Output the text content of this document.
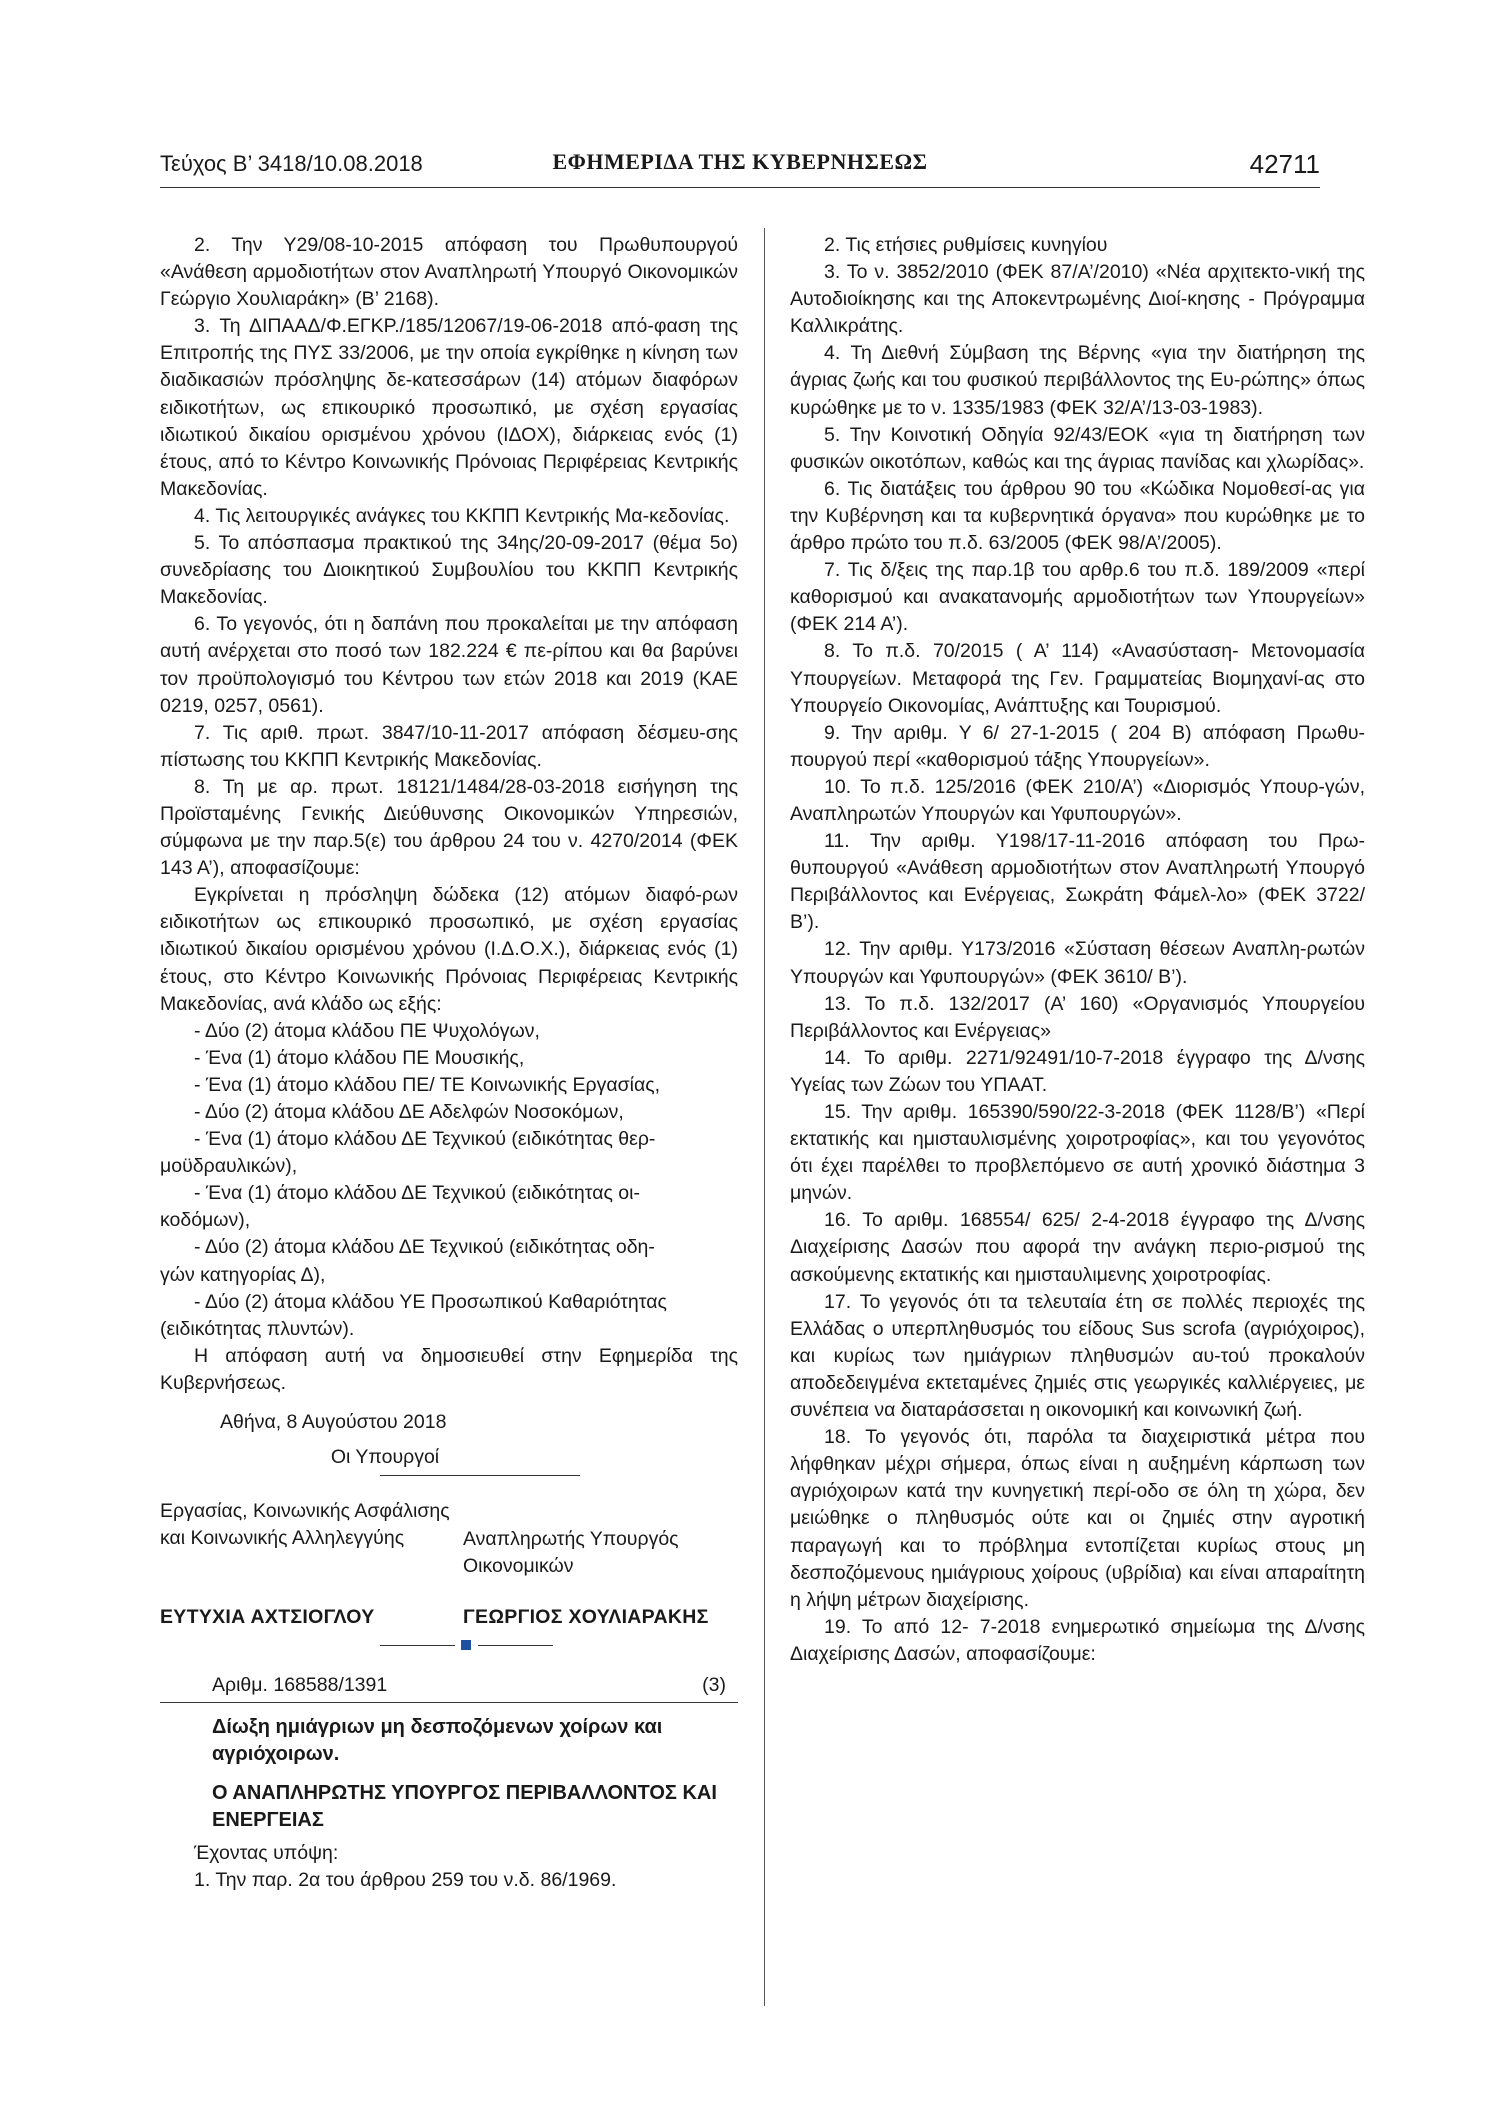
Τεύχος B’ 3418/10.08.2018	ΕΦΗΜΕΡΙΔΑ ΤΗΣ ΚΥΒΕΡΝΗΣΕΩΣ	42711
2. Την Υ29/08-10-2015 απόφαση του Πρωθυπουργού «Ανάθεση αρμοδιοτήτων στον Αναπληρωτή Υπουργό Οικονομικών Γεώργιο Χουλιαράκη» (Β’ 2168).
3. Τη ΔΙΠΑΑΔ/Φ.ΕΓΚΡ./185/12067/19-06-2018 από-φαση της Επιτροπής της ΠΥΣ 33/2006, με την οποία εγκρίθηκε η κίνηση των διαδικασιών πρόσληψης δε-κατεσσάρων (14) ατόμων διαφόρων ειδικοτήτων, ως επικουρικό προσωπικό, με σχέση εργασίας ιδιωτικού δικαίου ορισμένου χρόνου (ΙΔΟΧ), διάρκειας ενός (1) έτους, από το Κέντρο Κοινωνικής Πρόνοιας Περιφέρειας Κεντρικής Μακεδονίας.
4. Τις λειτουργικές ανάγκες του ΚΚΠΠ Κεντρικής Μα-κεδονίας.
5. Το απόσπασμα πρακτικού της 34ης/20-09-2017 (θέμα 5ο) συνεδρίασης του Διοικητικού Συμβουλίου του ΚΚΠΠ Κεντρικής Μακεδονίας.
6. Το γεγονός, ότι η δαπάνη που προκαλείται με την απόφαση αυτή ανέρχεται στο ποσό των 182.224 € πε-ρίπου και θα βαρύνει τον προϋπολογισμό του Κέντρου των ετών 2018 και 2019 (ΚΑΕ 0219, 0257, 0561).
7. Τις αριθ. πρωτ. 3847/10-11-2017 απόφαση δέσμευ-σης πίστωσης του ΚΚΠΠ Κεντρικής Μακεδονίας.
8. Τη με αρ. πρωτ. 18121/1484/28-03-2018 εισήγηση της Προϊσταμένης Γενικής Διεύθυνσης Οικονομικών Υπηρεσιών, σύμφωνα με την παρ.5(ε) του άρθρου 24 του ν. 4270/2014 (ΦΕΚ 143 Α’), αποφασίζουμε:
Εγκρίνεται η πρόσληψη δώδεκα (12) ατόμων διαφό-ρων ειδικοτήτων ως επικουρικό προσωπικό, με σχέση εργασίας ιδιωτικού δικαίου ορισμένου χρόνου (Ι.Δ.Ο.Χ.), διάρκειας ενός (1) έτους, στο Κέντρο Κοινωνικής Πρόνοιας Περιφέρειας Κεντρικής Μακεδονίας, ανά κλάδο ως εξής:
- Δύο (2) άτομα κλάδου ΠΕ Ψυχολόγων,
- Ένα (1) άτομο κλάδου ΠΕ Μουσικής,
- Ένα (1) άτομο κλάδου ΠΕ/ ΤΕ Κοινωνικής Εργασίας,
- Δύο (2) άτομα κλάδου ΔΕ Αδελφών Νοσοκόμων,
- Ένα (1) άτομο κλάδου ΔΕ Τεχνικού (ειδικότητας θερ-
μοϋδραυλικών),
- Ένα (1) άτομο κλάδου ΔΕ Τεχνικού (ειδικότητας οι-
κοδόμων),
- Δύο (2) άτομα κλάδου ΔΕ Τεχνικού (ειδικότητας οδη-
γών κατηγορίας Δ),
- Δύο (2) άτομα κλάδου ΥΕ Προσωπικού Καθαριότητας
(ειδικότητας πλυντών).
Η απόφαση αυτή να δημοσιευθεί στην Εφημερίδα της Κυβερνήσεως.
Αθήνα, 8 Αυγούστου 2018
Οι Υπουργοί
Εργασίας, Κοινωνικής Ασφάλισης και Κοινωνικής Αλληλεγγύης	Αναπληρωτής Υπουργός Οικονομικών
ΕΥΤΥΧΙΑ ΑΧΤΣΙΟΓΛΟΥ	ΓΕΩΡΓΙΟΣ ΧΟΥΛΙΑΡΑΚΗΣ
Αριθμ. 168588/1391	(3)
Δίωξη ημιάγριων μη δεσποζόμενων χοίρων και αγριόχοιρων.
Ο ΑΝΑΠΛΗΡΩΤΗΣ ΥΠΟΥΡΓΟΣ ΠΕΡΙΒΑΛΛΟΝΤΟΣ ΚΑΙ ΕΝΕΡΓΕΙΑΣ
Έχοντας υπόψη:
1. Την παρ. 2α του άρθρου 259 του ν.δ. 86/1969.
2. Τις ετήσιες ρυθμίσεις κυνηγίου
3. Το ν. 3852/2010 (ΦΕΚ 87/Α’/2010) «Νέα αρχιτεκτο-νική της Αυτοδιοίκησης και της Αποκεντρωμένης Διοί-κησης - Πρόγραμμα Καλλικράτης.
4. Τη Διεθνή Σύμβαση της Βέρνης «για την διατήρηση της άγριας ζωής και του φυσικού περιβάλλοντος της Ευ-ρώπης» όπως κυρώθηκε με το ν. 1335/1983 (ΦΕΚ 32/Α’/13-03-1983).
5. Την Κοινοτική Οδηγία 92/43/ΕΟΚ «για τη διατήρηση των φυσικών οικοτόπων, καθώς και της άγριας πανίδας και χλωρίδας».
6. Τις διατάξεις του άρθρου 90 του «Κώδικα Νομοθεσί-ας για την Κυβέρνηση και τα κυβερνητικά όργανα» που κυρώθηκε με το άρθρο πρώτο του π.δ. 63/2005 (ΦΕΚ 98/Α’/2005).
7. Τις δ/ξεις της παρ.1β του αρθρ.6 του π.δ. 189/2009 «περί καθορισμού και ανακατανομής αρμοδιοτήτων των Υπουργείων» (ΦΕΚ 214 Α’).
8. Το π.δ. 70/2015 ( Α’ 114) «Ανασύσταση- Μετονομασία Υπουργείων. Μεταφορά της Γεν. Γραμματείας Βιομηχανί-ας στο Υπουργείο Οικονομίας, Ανάπτυξης και Τουρισμού.
9. Την αριθμ. Υ 6/ 27-1-2015 ( 204 Β) απόφαση Πρωθυ-πουργού περί «καθορισμού τάξης Υπουργείων».
10. Το π.δ. 125/2016 (ΦΕΚ 210/Α’) «Διορισμός Υπουρ-γών, Αναπληρωτών Υπουργών και Υφυπουργών».
11. Την αριθμ. Υ198/17-11-2016 απόφαση του Πρω-θυπουργού «Ανάθεση αρμοδιοτήτων στον Αναπληρωτή Υπουργό Περιβάλλοντος και Ενέργειας, Σωκράτη Φάμελ-λο» (ΦΕΚ 3722/Β’).
12. Την αριθμ. Υ173/2016 «Σύσταση θέσεων Αναπλη-ρωτών Υπουργών και Υφυπουργών» (ΦΕΚ 3610/ Β’).
13. Το π.δ. 132/2017 (Α’ 160) «Οργανισμός Υπουργείου Περιβάλλοντος και Ενέργειας»
14. Το αριθμ. 2271/92491/10-7-2018 έγγραφο της Δ/νσης Υγείας των Ζώων του ΥΠΑΑΤ.
15. Την αριθμ. 165390/590/22-3-2018 (ΦΕΚ 1128/Β’) «Περί εκτατικής και ημισταυλισμένης χοιροτροφίας», και του γεγονότος ότι έχει παρέλθει το προβλεπόμενο σε αυτή χρονικό διάστημα 3 μηνών.
16. Το αριθμ. 168554/ 625/ 2-4-2018 έγγραφο της Δ/νσης Διαχείρισης Δασών που αφορά την ανάγκη περιο-ρισμού της ασκούμενης εκτατικής και ημισταυλιμενης χοιροτροφίας.
17. Το γεγονός ότι τα τελευταία έτη σε πολλές περιοχές της Ελλάδας ο υπερπληθυσμός του είδους Sus scrofa (αγριόχοιρος), και κυρίως των ημιάγριων πληθυσμών αυ-τού προκαλούν αποδεδειγμένα εκτεταμένες ζημιές στις γεωργικές καλλιέργειες, με συνέπεια να διαταράσσεται η οικονομική και κοινωνική ζωή.
18. Το γεγονός ότι, παρόλα τα διαχειριστικά μέτρα που λήφθηκαν μέχρι σήμερα, όπως είναι η αυξημένη κάρπωση των αγριόχοιρων κατά την κυνηγετική περί-οδο σε όλη τη χώρα, δεν μειώθηκε ο πληθυσμός ούτε και οι ζημιές στην αγροτική παραγωγή και το πρόβλημα εντοπίζεται κυρίως στους μη δεσποζόμενους ημιάγριους χοίρους (υβρίδια) και είναι απαραίτητη η λήψη μέτρων διαχείρισης.
19. Το από 12- 7-2018 ενημερωτικό σημείωμα της Δ/νσης Διαχείρισης Δασών, αποφασίζουμε:
